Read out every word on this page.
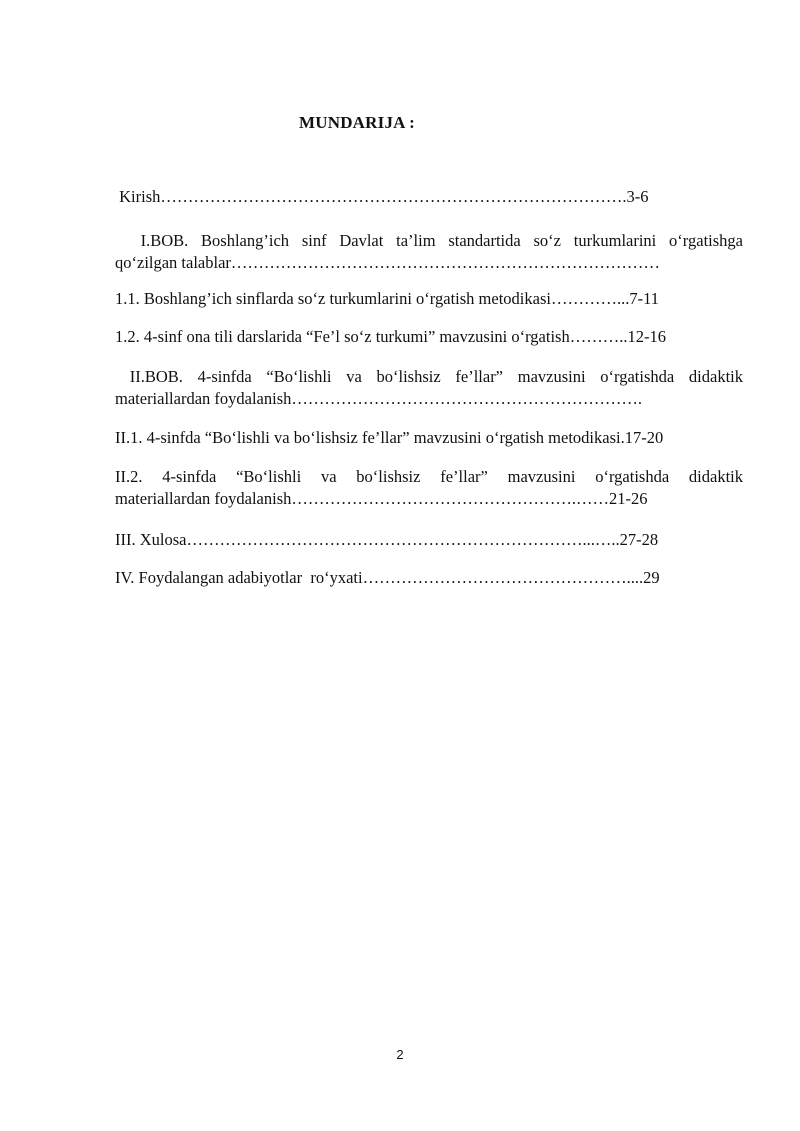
MUNDARIJA :
Kirish………………………………………………………………………….3-6
I.BOB. Boshlang’ich sinf Davlat ta’lim standartida so‘z turkumlarini o‘rgatishga
qo‘zilgan talablar……………………………………………………………………
1.1. Boshlang’ich sinflarda so‘z turkumlarini o‘rgatish metodikasi…………...7-11
1.2. 4-sinf ona tili darslarida “Fe’l so‘z turkumi” mavzusini o‘rgatish………..12-16
II.BOB. 4-sinfda “Bo‘lishli va bo‘lishsiz fe’llar” mavzusini o‘rgatishda didaktik
materiallardan foydalanish……………………………………………………….
II.1. 4-sinfda “Bo‘lishli va bo‘lishsiz fe’llar” mavzusini o‘rgatish metodikasi.17-20
II.2. 4-sinfda “Bo‘lishli va bo‘lishsiz fe’llar” mavzusini o‘rgatishda didaktik
materiallardan foydalanish…………………………………………….……21-26
III. Xulosa………………………………………………………………...…..27-28
IV. Foydalangan adabiyotlar  ro‘yxati…………………………………………....29
2
